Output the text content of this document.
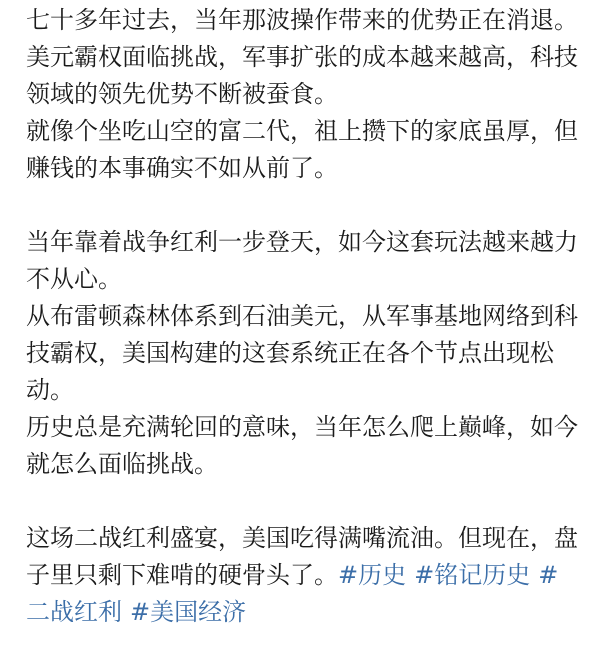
七十多年过去，当年那波操作带来的优势正在消退。美元霸权面临挑战，军事扩张的成本越来越高，科技领域的领先优势不断被蚕食。

就像个坐吃山空的富二代，祖上攒下的家底虽厚，但赚钱的本事确实不如从前了。

当年靠着战争红利一步登天，如今这套玩法越来越力不从心。

从布雷顿森林体系到石油美元，从军事基地网络到科技霸权，美国构建的这套系统正在各个节点出现松动。

历史总是充满轮回的意味，当年怎么爬上巅峰，如今就怎么面临挑战。

这场二战红利盛宴，美国吃得满嘴流油。但现在，盘子里只剩下难啃的硬骨头了。#历史 #铭记历史 #二战红利 #美国经济
